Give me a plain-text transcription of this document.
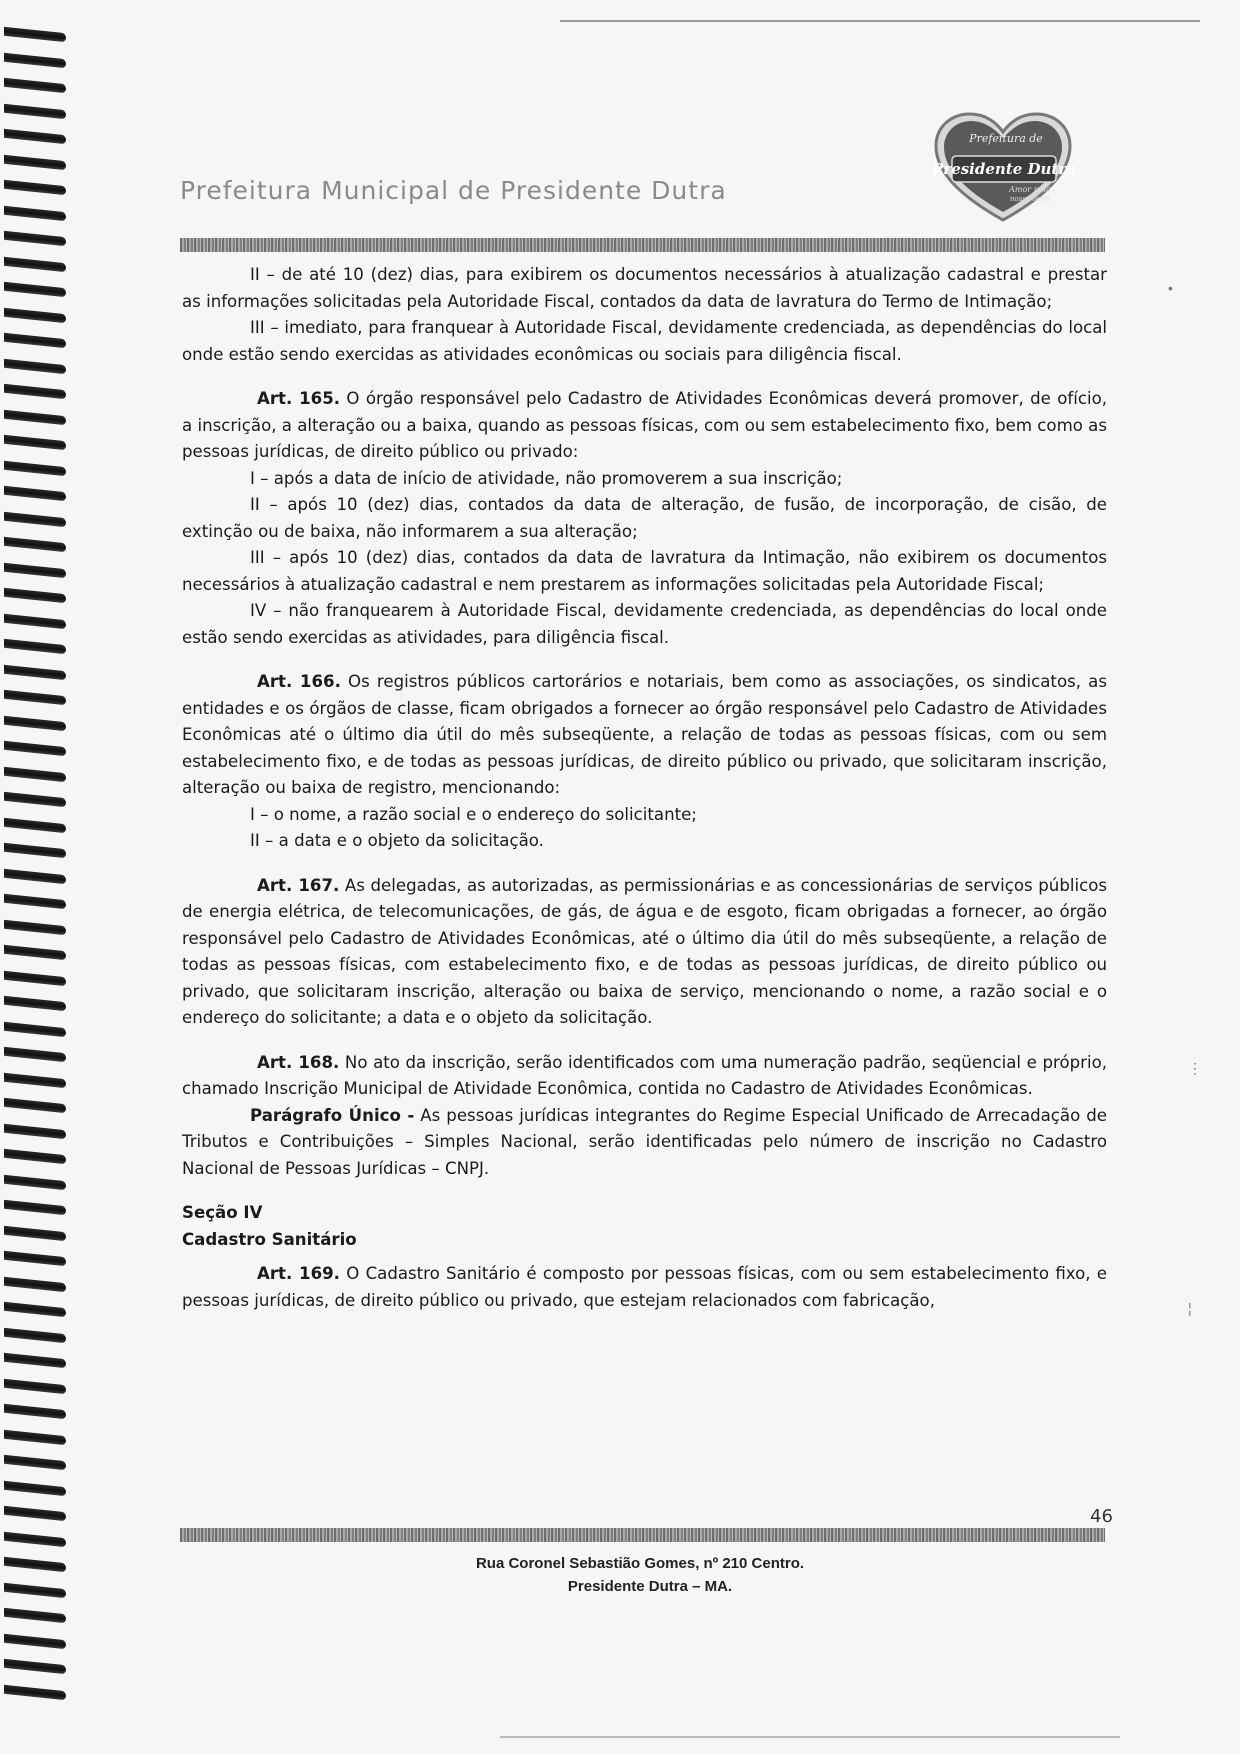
Prefeitura Municipal de Presidente Dutra
Prefeitura de
Presidente Dutra
Amor pela
nossa terra

II – de até 10 (dez) dias, para exibirem os documentos necessários à atualização cadastral e prestar as informações solicitadas pela Autoridade Fiscal, contados da data de lavratura do Termo de Intimação;

III – imediato, para franquear à Autoridade Fiscal, devidamente credenciada, as dependências do local onde estão sendo exercidas as atividades econômicas ou sociais para diligência fiscal.

Art. 165. O órgão responsável pelo Cadastro de Atividades Econômicas deverá promover, de ofício, a inscrição, a alteração ou a baixa, quando as pessoas físicas, com ou sem estabelecimento fixo, bem como as pessoas jurídicas, de direito público ou privado:

I – após a data de início de atividade, não promoverem a sua inscrição;

II – após 10 (dez) dias, contados da data de alteração, de fusão, de incorporação, de cisão, de extinção ou de baixa, não informarem a sua alteração;

III – após 10 (dez) dias, contados da data de lavratura da Intimação, não exibirem os documentos necessários à atualização cadastral e nem prestarem as informações solicitadas pela Autoridade Fiscal;

IV – não franquearem à Autoridade Fiscal, devidamente credenciada, as dependências do local onde estão sendo exercidas as atividades, para diligência fiscal.

Art. 166. Os registros públicos cartorários e notariais, bem como as associações, os sindicatos, as entidades e os órgãos de classe, ficam obrigados a fornecer ao órgão responsável pelo Cadastro de Atividades Econômicas até o último dia útil do mês subseqüente, a relação de todas as pessoas físicas, com ou sem estabelecimento fixo, e de todas as pessoas jurídicas, de direito público ou privado, que solicitaram inscrição, alteração ou baixa de registro, mencionando:

I – o nome, a razão social e o endereço do solicitante;

II – a data e o objeto da solicitação.

Art. 167. As delegadas, as autorizadas, as permissionárias e as concessionárias de serviços públicos de energia elétrica, de telecomunicações, de gás, de água e de esgoto, ficam obrigadas a fornecer, ao órgão responsável pelo Cadastro de Atividades Econômicas, até o último dia útil do mês subseqüente, a relação de todas as pessoas físicas, com estabelecimento fixo, e de todas as pessoas jurídicas, de direito público ou privado, que solicitaram inscrição, alteração ou baixa de serviço, mencionando o nome, a razão social e o endereço do solicitante; a data e o objeto da solicitação.

Art. 168. No ato da inscrição, serão identificados com uma numeração padrão, seqüencial e próprio, chamado Inscrição Municipal de Atividade Econômica, contida no Cadastro de Atividades Econômicas.

Parágrafo Único - As pessoas jurídicas integrantes do Regime Especial Unificado de Arrecadação de Tributos e Contribuições – Simples Nacional, serão identificadas pelo número de inscrição no Cadastro Nacional de Pessoas Jurídicas – CNPJ.

Seção IV

Cadastro Sanitário

Art. 169. O Cadastro Sanitário é composto por pessoas físicas, com ou sem estabelecimento fixo, e pessoas jurídicas, de direito público ou privado, que estejam relacionados com fabricação,

46
Rua Coronel Sebastião Gomes, nº 210 Centro.
Presidente Dutra – MA.
•
⋮
¦
